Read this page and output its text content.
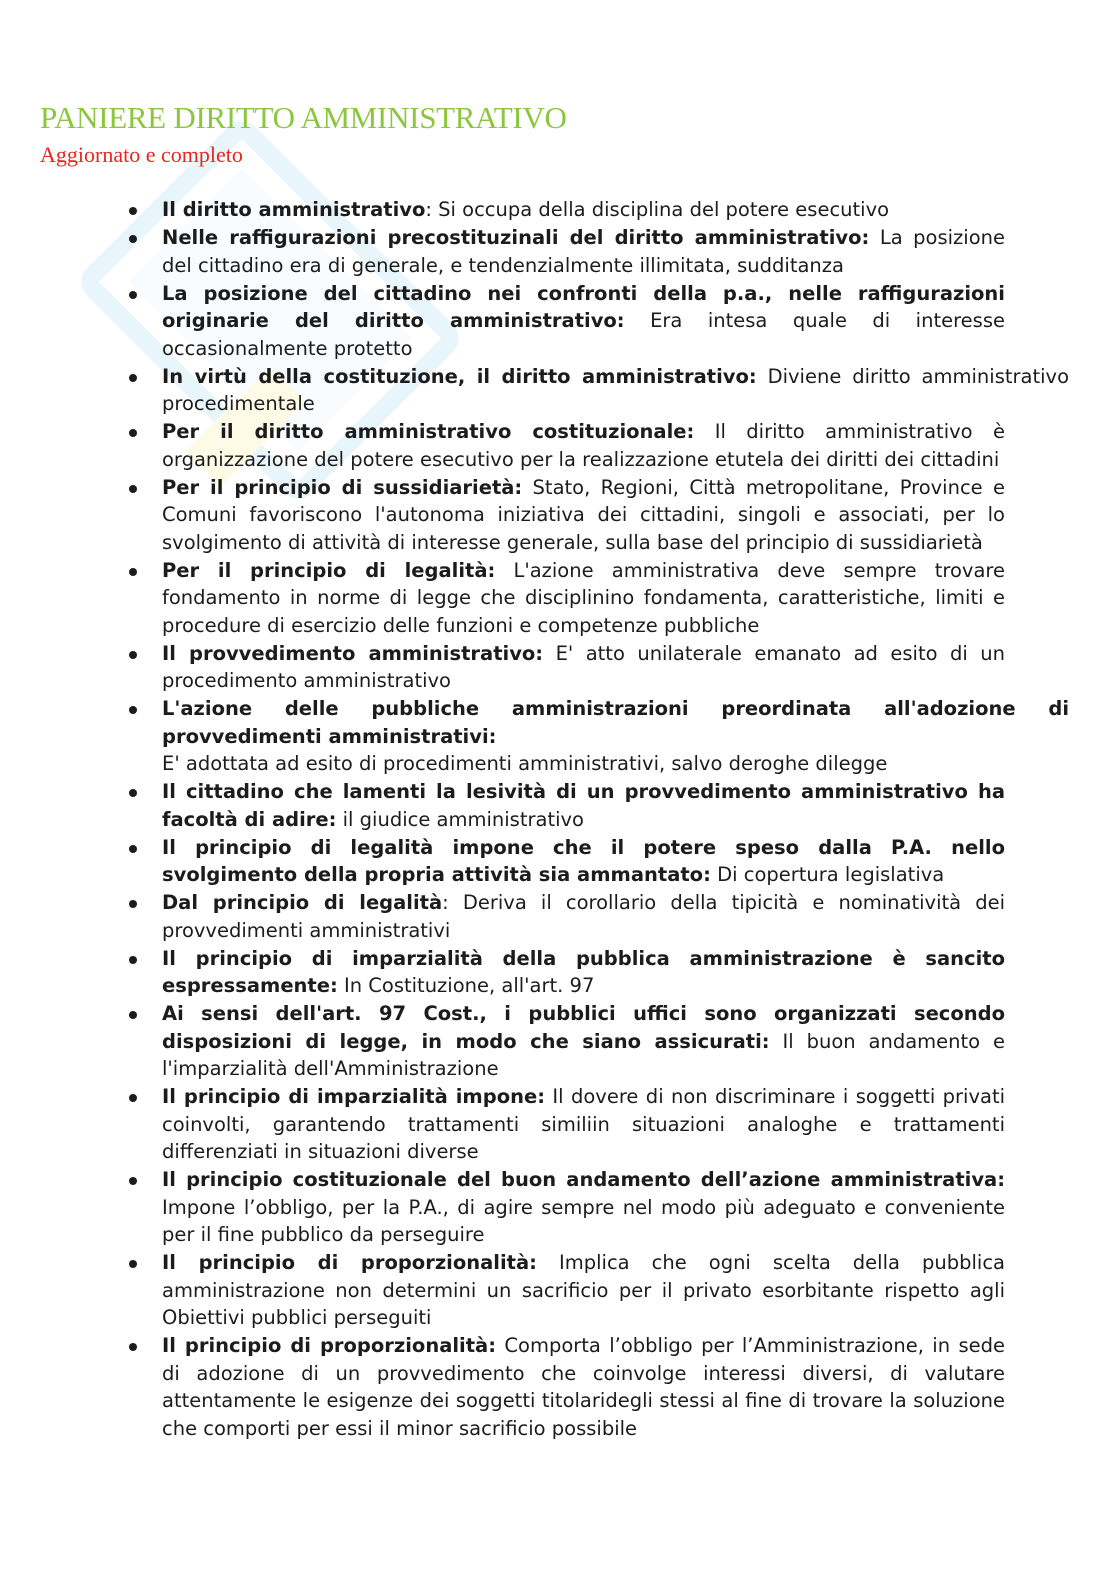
PANIERE DIRITTO AMMINISTRATIVO
Aggiornato e completo
Il diritto amministrativo: Si occupa della disciplina del potere esecutivo
Nelle raffigurazioni precostituzinali del diritto amministrativo: La posizione del cittadino era di generale, e tendenzialmente illimitata, sudditanza
La posizione del cittadino nei confronti della p.a., nelle raffigurazioni originarie del diritto amministrativo: Era intesa quale di interesse occasionalmente protetto
In virtù della costituzione, il diritto amministrativo: Diviene diritto amministrativo procedimentale
Per il diritto amministrativo costituzionale: Il diritto amministrativo è organizzazione del potere esecutivo per la realizzazione etutela dei diritti dei cittadini
Per il principio di sussidiarietà: Stato, Regioni, Città metropolitane, Province e Comuni favoriscono l'autonoma iniziativa dei cittadini, singoli e associati, per lo svolgimento di attività di interesse generale, sulla base del principio di sussidiarietà
Per il principio di legalità: L'azione amministrativa deve sempre trovare fondamento in norme di legge che disciplinino fondamenta, caratteristiche, limiti e procedure di esercizio delle funzioni e competenze pubbliche
Il provvedimento amministrativo: E' atto unilaterale emanato ad esito di un procedimento amministrativo
L'azione delle pubbliche amministrazioni preordinata all'adozione di provvedimenti amministrativi:
E' adottata ad esito di procedimenti amministrativi, salvo deroghe dilegge
Il cittadino che lamenti la lesività di un provvedimento amministrativo ha facoltà di adire: il giudice amministrativo
Il principio di legalità impone che il potere speso dalla P.A. nello svolgimento della propria attività sia ammantato: Di copertura legislativa
Dal principio di legalità: Deriva il corollario della tipicità e nominatività dei provvedimenti amministrativi
Il principio di imparzialità della pubblica amministrazione è sancito espressamente: In Costituzione, all'art. 97
Ai sensi dell'art. 97 Cost., i pubblici uffici sono organizzati secondo disposizioni di legge, in modo che siano assicurati: Il buon andamento e l'imparzialità dell'Amministrazione
Il principio di imparzialità impone: Il dovere di non discriminare i soggetti privati coinvolti, garantendo trattamenti similiin situazioni analoghe e trattamenti differenziati in situazioni diverse
Il principio costituzionale del buon andamento dell’azione amministrativa: Impone l’obbligo, per la P.A., di agire sempre nel modo più adeguato e conveniente per il fine pubblico da perseguire
Il principio di proporzionalità: Implica che ogni scelta della pubblica amministrazione non determini un sacrificio per il privato esorbitante rispetto agli Obiettivi pubblici perseguiti
Il principio di proporzionalità: Comporta l’obbligo per l’Amministrazione, in sede di adozione di un provvedimento che coinvolge interessi diversi, di valutare attentamente le esigenze dei soggetti titolaridegli stessi al fine di trovare la soluzione che comporti per essi il minor sacrificio possibile
